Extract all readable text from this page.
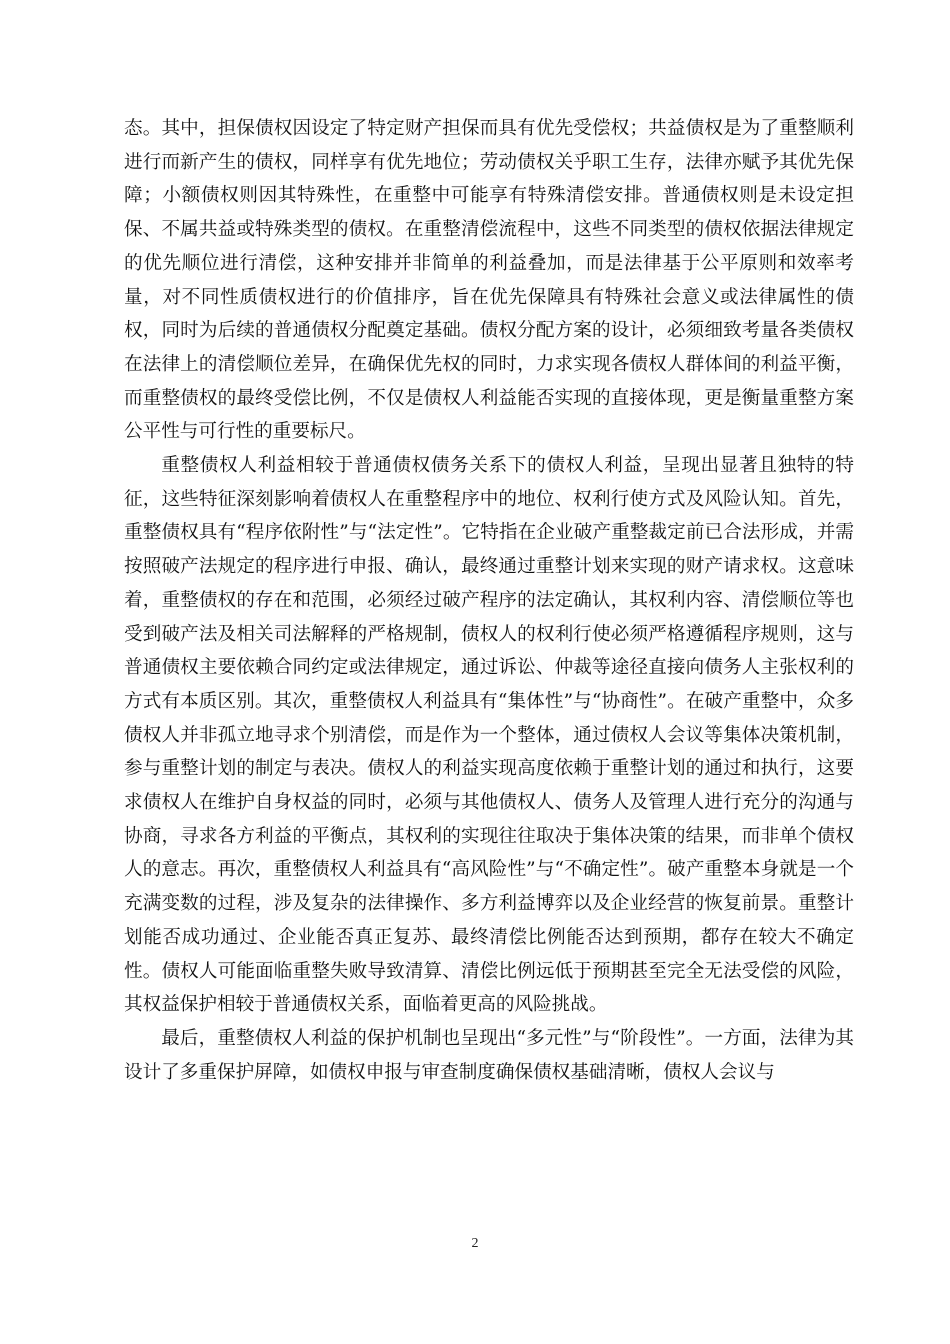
态。其中，担保债权因设定了特定财产担保而具有优先受偿权；共益债权是为了重整顺利进行而新产生的债权，同样享有优先地位；劳动债权关乎职工生存，法律亦赋予其优先保障；小额债权则因其特殊性，在重整中可能享有特殊清偿安排。普通债权则是未设定担保、不属共益或特殊类型的债权。在重整清偿流程中，这些不同类型的债权依据法律规定的优先顺位进行清偿，这种安排并非简单的利益叠加，而是法律基于公平原则和效率考量，对不同性质债权进行的价值排序，旨在优先保障具有特殊社会意义或法律属性的债权，同时为后续的普通债权分配奠定基础。债权分配方案的设计，必须细致考量各类债权在法律上的清偿顺位差异，在确保优先权的同时，力求实现各债权人群体间的利益平衡，而重整债权的最终受偿比例，不仅是债权人利益能否实现的直接体现，更是衡量重整方案公平性与可行性的重要标尺。

重整债权人利益相较于普通债权债务关系下的债权人利益，呈现出显著且独特的特征，这些特征深刻影响着债权人在重整程序中的地位、权利行使方式及风险认知。首先，重整债权具有“程序依附性”与“法定性”。它特指在企业破产重整裁定前已合法形成，并需按照破产法规定的程序进行申报、确认，最终通过重整计划来实现的财产请求权。这意味着，重整债权的存在和范围，必须经过破产程序的法定确认，其权利内容、清偿顺位等也受到破产法及相关司法解释的严格规制，债权人的权利行使必须严格遵循程序规则，这与普通债权主要依赖合同约定或法律规定，通过诉讼、仲裁等途径直接向债务人主张权利的方式有本质区别。其次，重整债权人利益具有“集体性”与“协商性”。在破产重整中，众多债权人并非孤立地寻求个别清偿，而是作为一个整体，通过债权人会议等集体决策机制，参与重整计划的制定与表决。债权人的利益实现高度依赖于重整计划的通过和执行，这要求债权人在维护自身权益的同时，必须与其他债权人、债务人及管理人进行充分的沟通与协商，寻求各方利益的平衡点，其权利的实现往往取决于集体决策的结果，而非单个债权人的意志。再次，重整债权人利益具有“高风险性”与“不确定性”。破产重整本身就是一个充满变数的过程，涉及复杂的法律操作、多方利益博弈以及企业经营的恢复前景。重整计划能否成功通过、企业能否真正复苏、最终清偿比例能否达到预期，都存在较大不确定性。债权人可能面临重整失败导致清算、清偿比例远低于预期甚至完全无法受偿的风险，其权益保护相较于普通债权关系，面临着更高的风险挑战。

最后，重整债权人利益的保护机制也呈现出“多元性”与“阶段性”。一方面，法律为其设计了多重保护屏障，如债权申报与审查制度确保债权基础清晰，债权人会议与

2
